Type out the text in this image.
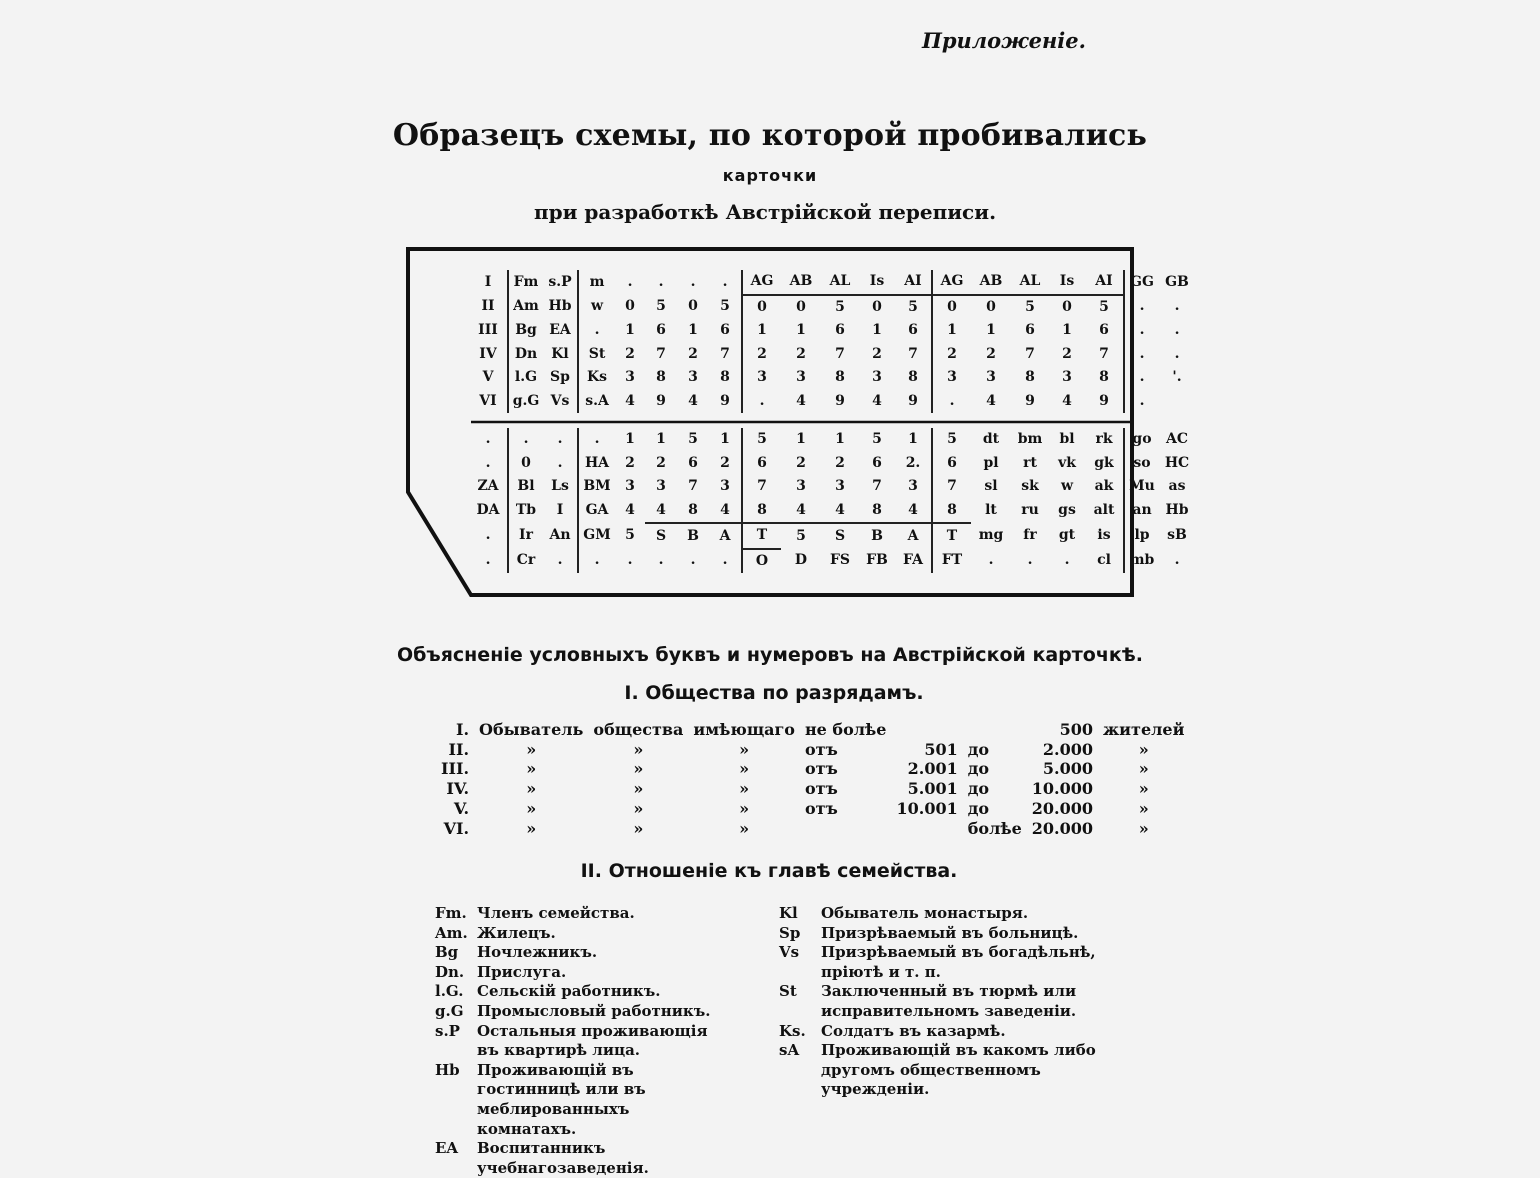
Приложеніе.
Образецъ схемы, по которой пробивались
карточки
при разработкѣ Австрійской переписи.
I	Fm	s.P	m	.	.	.	.	AG	AB	AL	Is	AI	AG	AB	AL	Is	AI	GG	GB
II	Am	Hb	w	0	5	0	5	0	0	5	0	5	0	0	5	0	5	.	.
III	Bg	EA	.	1	6	1	6	1	1	6	1	6	1	1	6	1	6	.	.
IV	Dn	Kl	St	2	7	2	7	2	2	7	2	7	2	2	7	2	7	.	.
V	l.G	Sp	Ks	3	8	3	8	3	3	8	3	8	3	3	8	3	8	.	'.
VI	g.G	Vs	s.A	4	9	4	9	.	4	9	4	9	.	4	9	4	9	.	
.	.	.	.	1	1	5	1	5	1	1	5	1	5	dt	bm	bl	rk	go	AC
.	0	.	HA	2	2	6	2	6	2	2	6	2.	6	pl	rt	vk	gk	so	HC
ZA	Bl	Ls	BM	3	3	7	3	7	3	3	7	3	7	sl	sk	w	ak	Mu	as
DA	Tb	I	GA	4	4	8	4	8	4	4	8	4	8	lt	ru	gs	alt	an	Hb
.	Ir	An	GM	5	S	B	A	T	5	S	B	A	T	mg	fr	gt	is	lp	sB
.	Cr	.	.	.	.	.	.	O	D	FS	FB	FA	FT	.	.	.	cl	mb	.
Объясненіе условныхъ буквъ и нумеровъ на Австрійской карточкѣ.
I. Общества по разрядамъ.
I.	Обыватель	общества	имѣющаго	не болѣе			500	жителей
II.	»	»	»	отъ	501	до	2.000	»
III.	»	»	»	отъ	2.001	до	5.000	»
IV.	»	»	»	отъ	5.001	до	10.000	»
V.	»	»	»	отъ	10.001	до	20.000	»
VI.	»	»	»			болѣе	20.000	»
II. Отношеніе къ главѣ семейства.
Fm.	Членъ семейства.
Am.	Жилецъ.
Bg	Ночлежникъ.
Dn.	Прислуга.
l.G.	Сельскій работникъ.
g.G	Промысловый работникъ.
s.P	Остальныя проживающія въ квартирѣ лица.
Hb	Проживающій въ гостинницѣ или въ меблированныхъ комнатахъ.
EA	Воспитанникъ учебнагозаведенія.
Kl	Обыватель монастыря.
Sp	Призрѣваемый въ больницѣ.
Vs	Призрѣваемый въ богадѣльнѣ, пріютѣ и т. п.
St	Заключенный въ тюрмѣ или исправительномъ заведеніи.
Ks.	Солдатъ въ казармѣ.
sA	Проживающій въ какомъ либо другомъ общественномъ учрежденіи.
